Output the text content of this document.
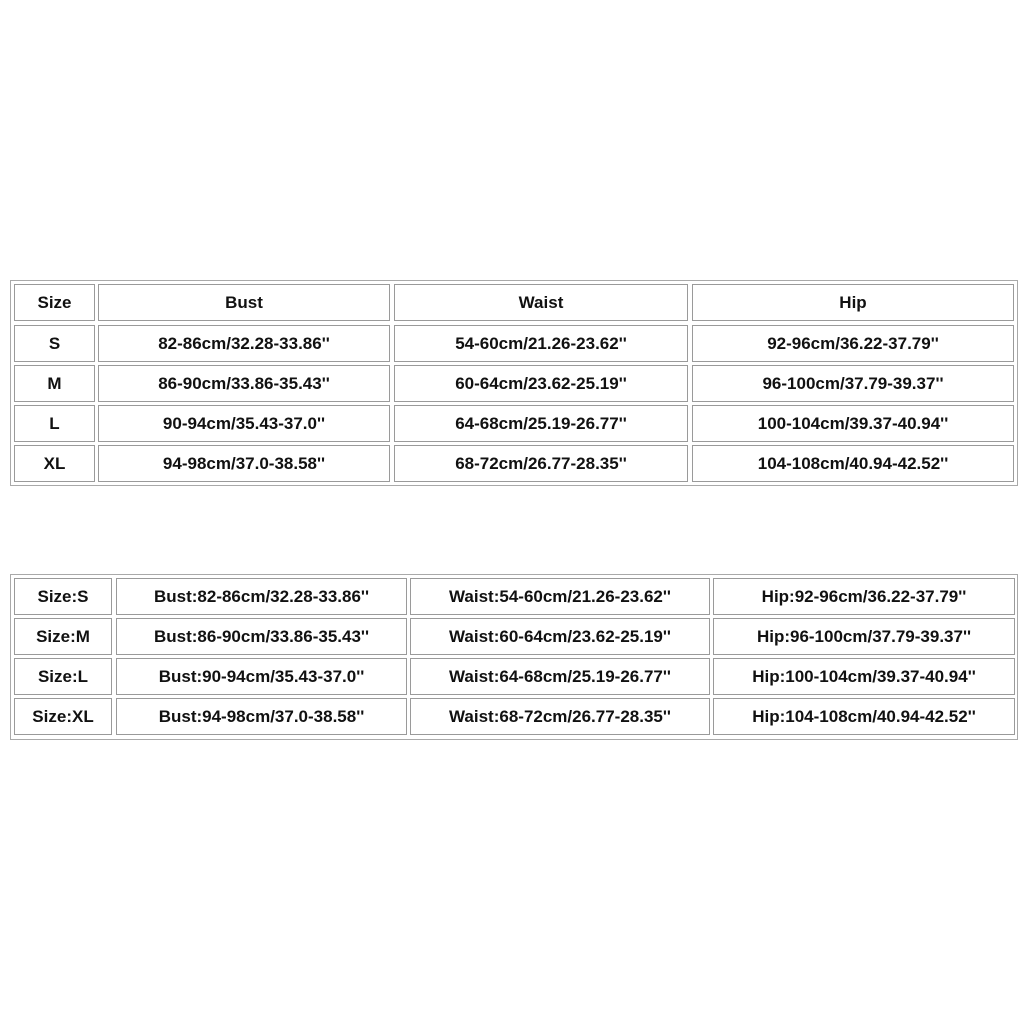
Size	Bust	Waist	Hip
S	82-86cm/32.28-33.86''	54-60cm/21.26-23.62''	92-96cm/36.22-37.79''
M	86-90cm/33.86-35.43''	60-64cm/23.62-25.19''	96-100cm/37.79-39.37''
L	90-94cm/35.43-37.0''	64-68cm/25.19-26.77''	100-104cm/39.37-40.94''
XL	94-98cm/37.0-38.58''	68-72cm/26.77-28.35''	104-108cm/40.94-42.52''
Size:S	Bust:82-86cm/32.28-33.86''	Waist:54-60cm/21.26-23.62''	Hip:92-96cm/36.22-37.79''
Size:M	Bust:86-90cm/33.86-35.43''	Waist:60-64cm/23.62-25.19''	Hip:96-100cm/37.79-39.37''
Size:L	Bust:90-94cm/35.43-37.0''	Waist:64-68cm/25.19-26.77''	Hip:100-104cm/39.37-40.94''
Size:XL	Bust:94-98cm/37.0-38.58''	Waist:68-72cm/26.77-28.35''	Hip:104-108cm/40.94-42.52''
